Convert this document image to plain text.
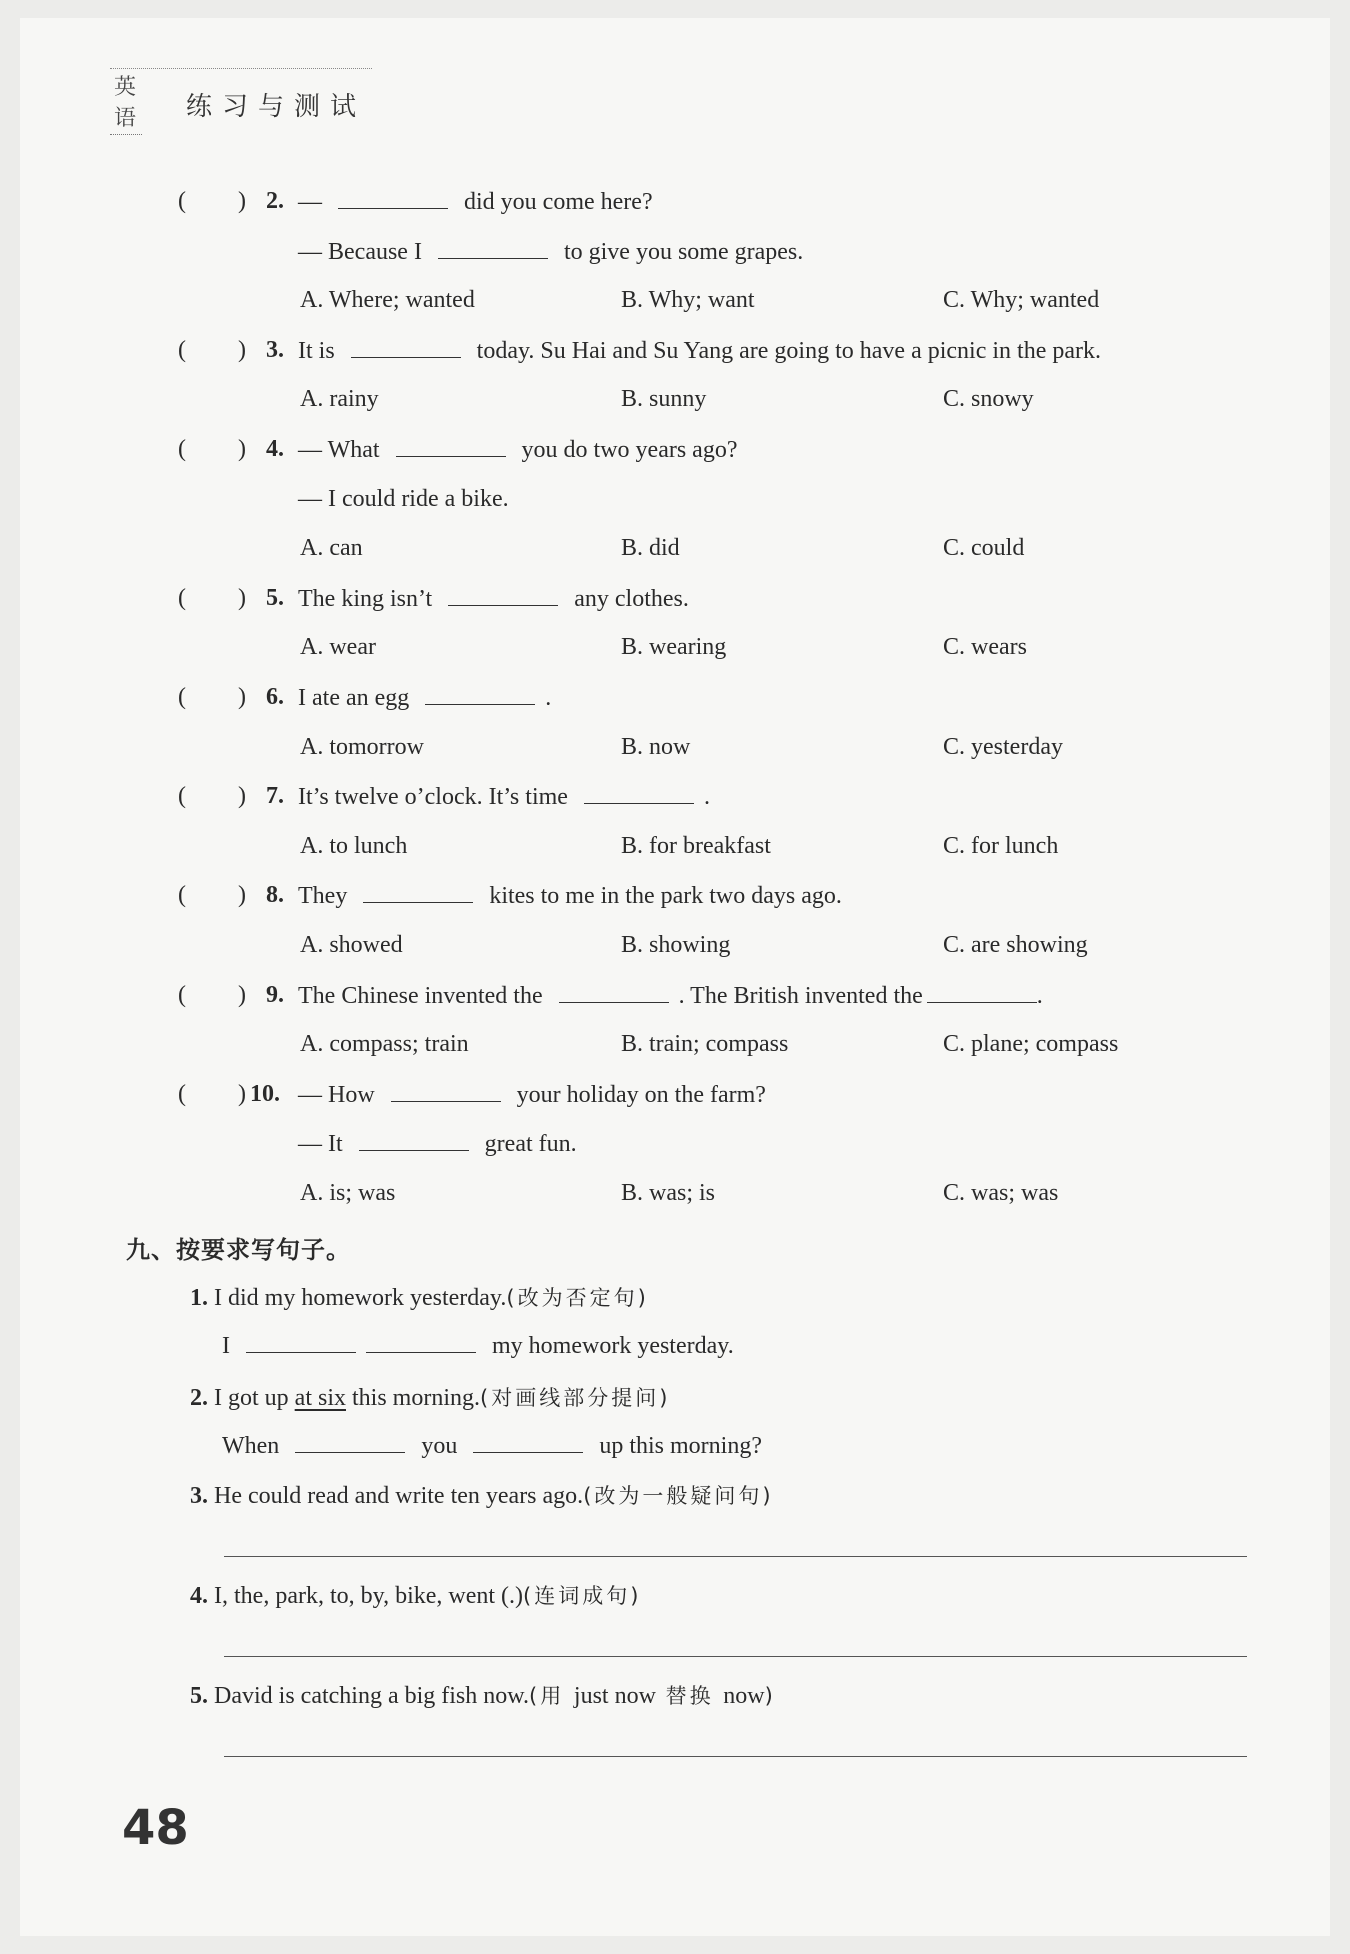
英语 练习与测试
( ) 2. —	did you come here?
— Because I	to give you some grapes.
A. Where; wanted	B. Why; want	C. Why; wanted
( ) 3. It is	today. Su Hai and Su Yang are going to have a picnic in the park.
A. rainy	B. sunny	C. snowy
( ) 4. — What	you do two years ago?
— I could ride a bike.
A. can	B. did	C. could
( ) 5. The king isn’t	any clothes.
A. wear	B. wearing	C. wears
( ) 6. I ate an egg	.
A. tomorrow	B. now	C. yesterday
( ) 7. It’s twelve o’clock. It’s time	.
A. to lunch	B. for breakfast	C. for lunch
( ) 8. They	kites to me in the park two days ago.
A. showed	B. showing	C. are showing
( ) 9. The Chinese invented the	. The British invented the	.
A. compass; train	B. train; compass	C. plane; compass
( ) 10. — How	your holiday on the farm?
— It	great fun.
A. is; was	B. was; is	C. was; was
九、按要求写句子。
1. I did my homework yesterday.(改为否定句)
I	my homework yesterday.
2. I got up at six this morning.(对画线部分提问)
When	you	up this morning?
3. He could read and write ten years ago.(改为一般疑问句)
4. I, the, park, to, by, bike, went (.)(连词成句)
5. David is catching a big fish now.(用 just now 替换 now)
48
